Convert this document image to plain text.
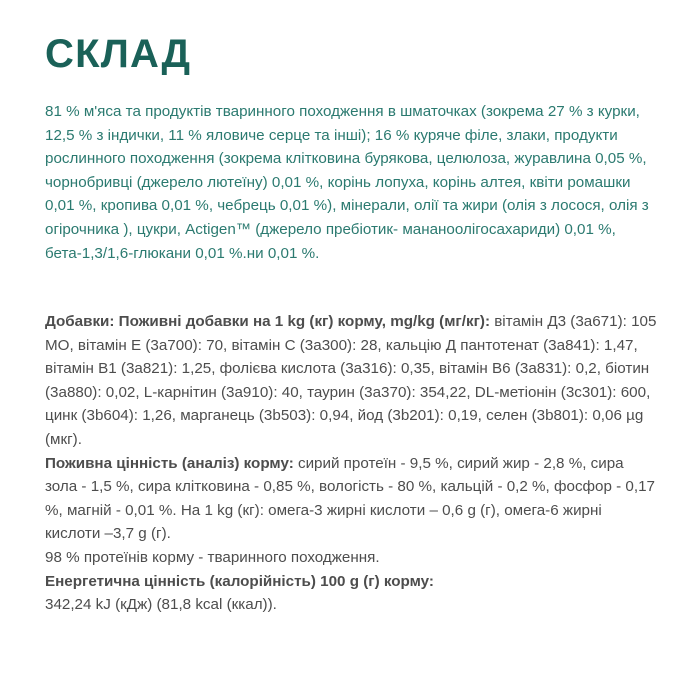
СКЛАД

81 % м'яса та продуктів тваринного походження в шматочках (зокрема 27 % з курки, 12,5 % з індички, 11 % яловиче серце та інші); 16 % куряче філе, злаки, продукти рослинного походження (зокрема клітковина бурякова, целюлоза, журавлина 0,05 %, чорнобривці (джерело лютеїну) 0,01 %, корінь лопуха, корінь алтея, квіти ромашки 0,01 %, кропива 0,01 %, чебрець 0,01 %), мінерали, олії та жири (олія з лосося, олія з огірочника ), цукри, Actigen™ (джерело пребіотик- мананоолігосахариди) 0,01 %, бета-1,3/1,6-глюкани 0,01 %.ни 0,01 %.

Добавки: Поживні добавки на 1 kg (кг) корму, mg/kg (мг/кг): вітамін Д3 (3а671): 105 МО, вітамін Е (3а700): 70, вітамін С (3а300): 28, кальцію Д пантотенат (3а841): 1,47, вітамін В1 (3а821): 1,25, фолієва кислота (3а316): 0,35, вітамін В6 (3а831): 0,2, біотин (3а880): 0,02, L-карнітин (3а910): 40, таурин (3а370): 354,22, DL-метіонін (3с301): 600, цинк (3b604): 1,26, марганець (3b503): 0,94, йод (3b201): 0,19, селен (3b801): 0,06 µg (мкг).

Поживна цінність (аналіз) корму: сирий протеїн - 9,5 %, сирий жир - 2,8 %, сира зола - 1,5 %, сира клітковина - 0,85 %, вологість - 80 %, кальцій - 0,2 %, фосфор - 0,17 %, магній - 0,01 %. На 1 kg (кг): омега-3 жирні кислоти – 0,6 g (г), омега-6 жирні кислоти –3,7 g (г).

98 % протеїнів корму - тваринного походження.

Енергетична цінність (калорійність) 100 g (г) корму:
342,24 kJ (кДж) (81,8 kcal (ккал)).
